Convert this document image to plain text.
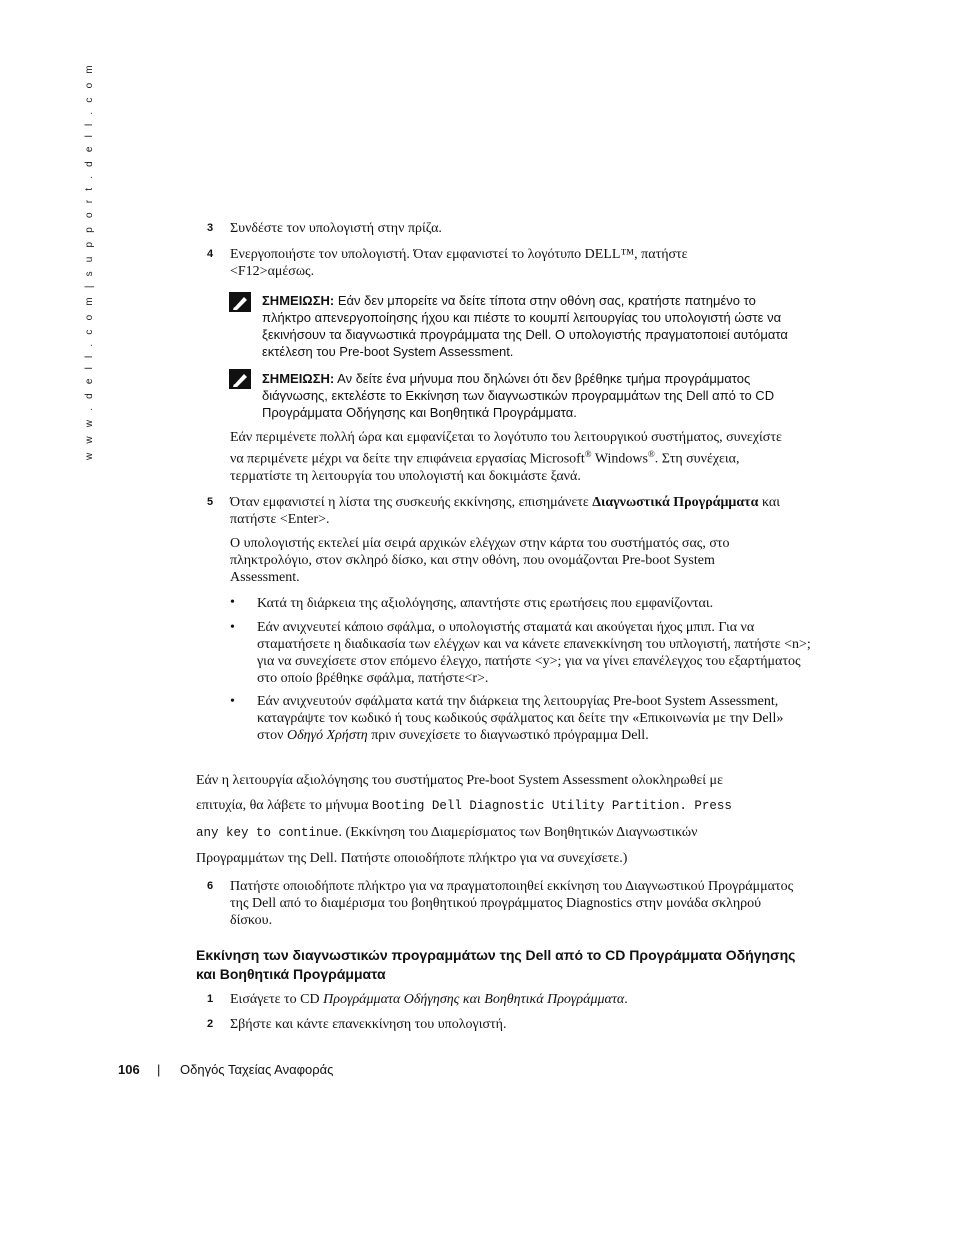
w w w . d e l l . c o m | s u p p o r t . d e l l . c o m	3 Συνδέστε τον υπολογιστή στην πρίζα.
4 Ενεργοποιήστε τον υπολογιστή. Όταν εμφανιστεί το λογότυπο DELL™, πατήστε <F12>αμέσως.
ΣΗΜΕΙΩΣΗ: Εάν δεν μπορείτε να δείτε τίποτα στην οθόνη σας, κρατήστε πατημένο το πλήκτρο απενεργοποίησης ήχου και πιέστε το κουμπί λειτουργίας του υπολογιστή ώστε να ξεκινήσουν τα διαγνωστικά προγράμματα της Dell. Ο υπολογιστής πραγματοποιεί αυτόματα εκτέλεση του Pre-boot System Assessment.
ΣΗΜΕΙΩΣΗ: Αν δείτε ένα μήνυμα που δηλώνει ότι δεν βρέθηκε τμήμα προγράμματος διάγνωσης, εκτελέστε το Εκκίνηση των διαγνωστικών προγραμμάτων της Dell από το CD Προγράμματα Οδήγησης και Βοηθητικά Προγράμματα.
Εάν περιμένετε πολλή ώρα και εμφανίζεται το λογότυπο του λειτουργικού συστήματος, συνεχίστε να περιμένετε μέχρι να δείτε την επιφάνεια εργασίας Microsoft® Windows®. Στη συνέχεια, τερματίστε τη λειτουργία του υπολογιστή και δοκιμάστε ξανά.
5 Όταν εμφανιστεί η λίστα της συσκευής εκκίνησης, επισημάνετε Διαγνωστικά Προγράμματα και πατήστε <Enter>.
Ο υπολογιστής εκτελεί μία σειρά αρχικών ελέγχων στην κάρτα του συστήματός σας, στο πληκτρολόγιο, στον σκληρό δίσκο, και στην οθόνη, που ονομάζονται Pre-boot System Assessment.
• Κατά τη διάρκεια της αξιολόγησης, απαντήστε στις ερωτήσεις που εμφανίζονται.
• Εάν ανιχνευτεί κάποιο σφάλμα, ο υπολογιστής σταματά και ακούγεται ήχος μπιπ. Για να σταματήσετε η διαδικασία των ελέγχων και να κάνετε επανεκκίνηση του υπλογιστή, πατήστε <n>; για να συνεχίσετε στον επόμενο έλεγχο, πατήστε <y>; για να γίνει επανέλεγχος του εξαρτήματος στο οποίο βρέθηκε σφάλμα, πατήστε<r>.
• Εάν ανιχνευτούν σφάλματα κατά την διάρκεια της λειτουργίας Pre-boot System Assessment, καταγράψτε τον κωδικό ή τους κωδικούς σφάλματος και δείτε την «Επικοινωνία με την Dell» στον Οδηγό Χρήστη πριν συνεχίσετε το διαγνωστικό πρόγραμμα Dell.
Εάν η λειτουργία αξιολόγησης του συστήματος Pre-boot System Assessment ολοκληρωθεί με
επιτυχία, θα λάβετε το μήνυμα Booting Dell Diagnostic Utility Partition. Press
any key to continue. (Εκκίνηση του Διαμερίσματος των Βοηθητικών Διαγνωστικών
Προγραμμάτων της Dell. Πατήστε οποιοδήποτε πλήκτρο για να συνεχίσετε.)
6 Πατήστε οποιοδήποτε πλήκτρο για να πραγματοποιηθεί εκκίνηση του Διαγνωστικού Προγράμματος της Dell από το διαμέρισμα του βοηθητικού προγράμματος Diagnostics στην μονάδα σκληρού δίσκου.
Εκκίνηση των διαγνωστικών προγραμμάτων της Dell από το CD Προγράμματα Οδήγησης και Βοηθητικά Προγράμματα
1 Εισάγετε το CD Προγράμματα Οδήγησης και Βοηθητικά Προγράμματα.
2 Σβήστε και κάντε επανεκκίνηση του υπολογιστή.
106 | Οδηγός Ταχείας Αναφοράς
